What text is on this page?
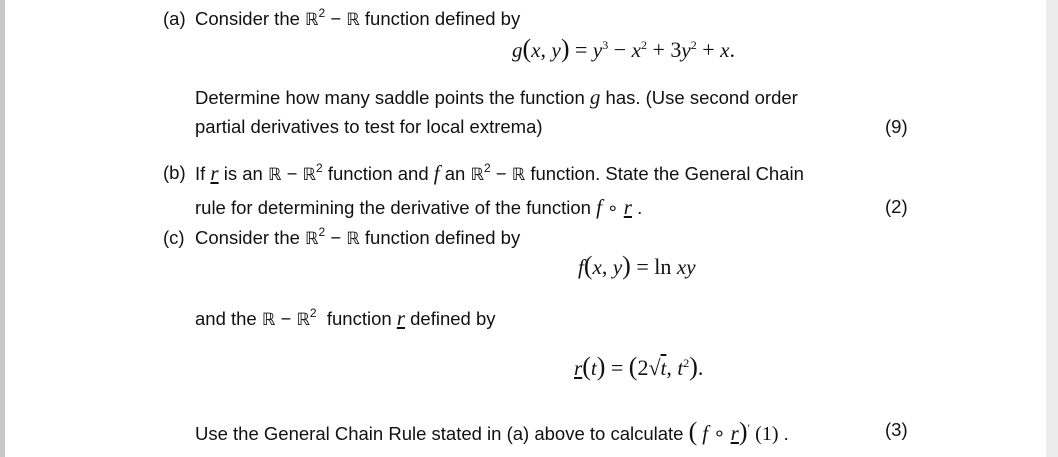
(a) Consider the ℝ$^2$ − ℝ function defined by
g(x, $y) = y^3 - x^2 + 3y^2 + x$.
Determine how many saddle points the function g has. (Use second order
partial derivatives to test for local extrema)	(9)
(b) If r is an ℝ − ℝ$^2$ function and f an ℝ$^2$ − ℝ function. State the General Chain
rule for determining the derivative of the function f ∘ r .	(2)
(c) Consider the ℝ$^2$ − ℝ function defined by
f(x, y) = ln xy
and the ℝ − ℝ$^2$  function r defined by
r(t) = (2√t, $t^2$).
Use the General Chain Rule stated in (a) above to calculate ( f ∘ r)′ (1) .	(3)
